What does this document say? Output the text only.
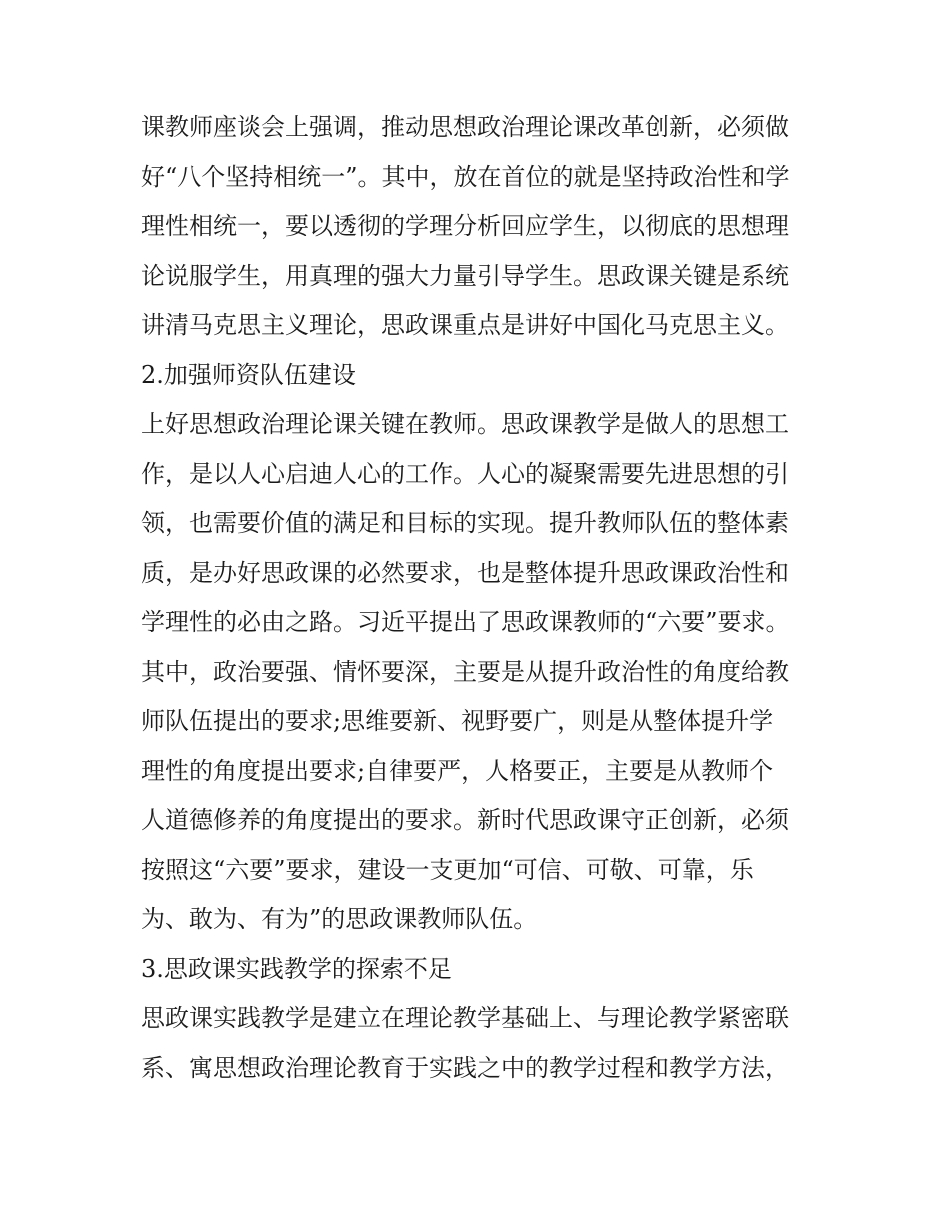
课教师座谈会上强调，推动思想政治理论课改革创新，必须做
好“八个坚持相统一”。其中，放在首位的就是坚持政治性和学
理性相统一，要以透彻的学理分析回应学生，以彻底的思想理
论说服学生，用真理的强大力量引导学生。思政课关键是系统
讲清马克思主义理论，思政课重点是讲好中国化马克思主义。
2.加强师资队伍建设
上好思想政治理论课关键在教师。思政课教学是做人的思想工
作，是以人心启迪人心的工作。人心的凝聚需要先进思想的引
领，也需要价值的满足和目标的实现。提升教师队伍的整体素
质，是办好思政课的必然要求，也是整体提升思政课政治性和
学理性的必由之路。习近平提出了思政课教师的“六要”要求。
其中，政治要强、情怀要深，主要是从提升政治性的角度给教
师队伍提出的要求;思维要新、视野要广，则是从整体提升学
理性的角度提出要求;自律要严，人格要正，主要是从教师个
人道德修养的角度提出的要求。新时代思政课守正创新，必须
按照这“六要”要求，建设一支更加“可信、可敬、可靠，乐
为、敢为、有为”的思政课教师队伍。
3.思政课实践教学的探索不足
思政课实践教学是建立在理论教学基础上、与理论教学紧密联
系、寓思想政治理论教育于实践之中的教学过程和教学方法，
